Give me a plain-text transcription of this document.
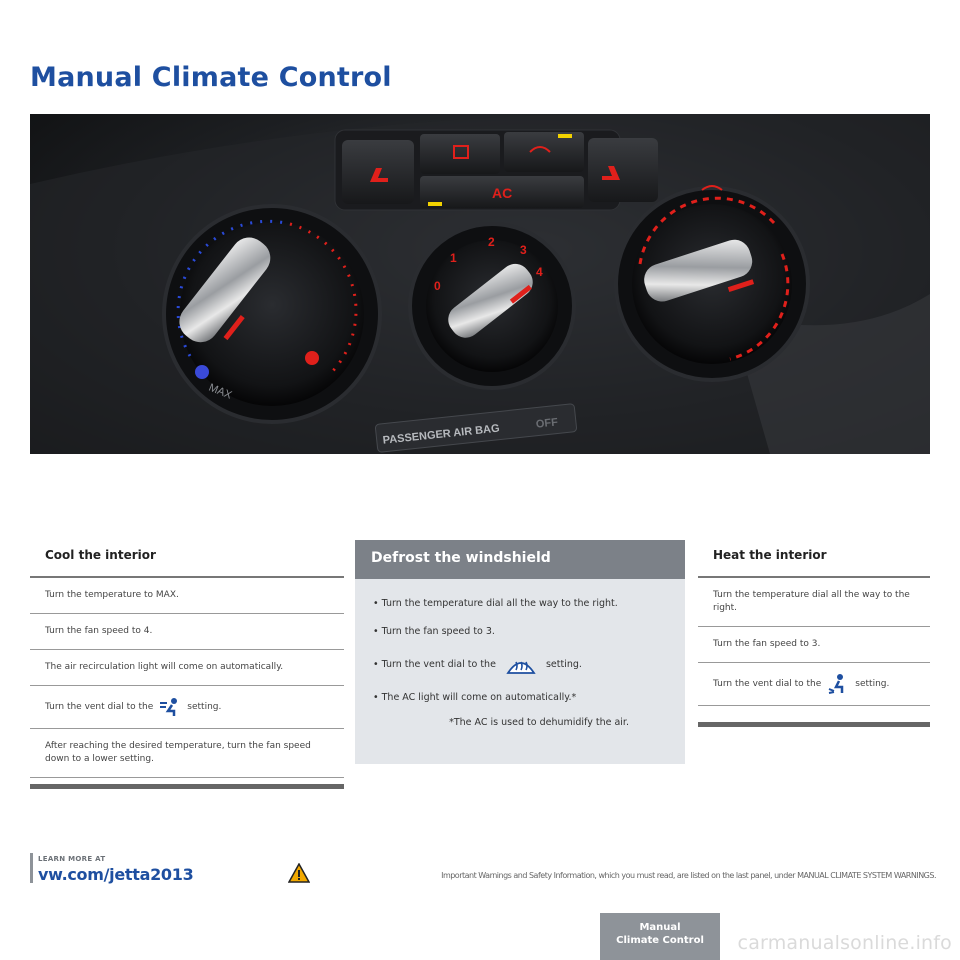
Manual Climate Control
AC
MAX
0
1
2
3
4
PASSENGER AIR BAG	OFF
Cool the interior
Turn the temperature to MAX.
Turn the fan speed to 4.
The air recirculation light will come on automatically.
Turn the vent dial to the	setting.
After reaching the desired temperature, turn the fan speed down to a lower setting.
Defrost the windshield
• Turn the temperature dial all the way to the right.
• Turn the fan speed to 3.
• Turn the vent dial to the	setting.
• The AC light will come on automatically.*
*The AC is used to dehumidify the air.
Heat the interior
Turn the temperature dial all the way to the right.
Turn the fan speed to 3.
Turn the vent dial to the	setting.
LEARN MORE AT
vw.com/jetta2013	Important Warnings and Safety Information, which you must read, are listed on the last panel, under MANUAL CLIMATE SYSTEM WARNINGS.
Manual
Climate Control	carmanualsonline.info
